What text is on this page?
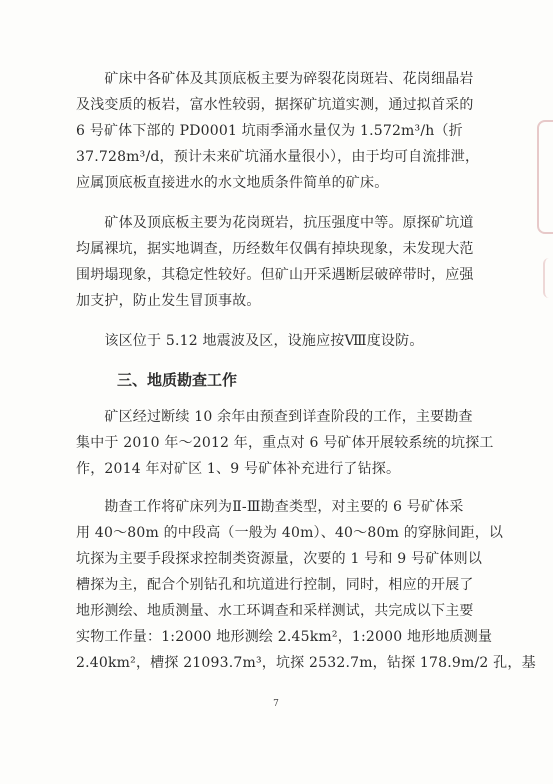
　　矿床中各矿体及其顶底板主要为碎裂花岗斑岩、花岗细晶岩
及浅变质的板岩，富水性较弱，据探矿坑道实测，通过拟首采的
6 号矿体下部的 PD0001 坑雨季涌水量仅为 1.572m³/h（折
37.728m³/d，预计未来矿坑涌水量很小），由于均可自流排泄，
应属顶底板直接进水的水文地质条件简单的矿床。

　　矿体及顶底板主要为花岗斑岩，抗压强度中等。原探矿坑道
均属裸坑，据实地调查，历经数年仅偶有掉块现象，未发现大范
围坍塌现象，其稳定性较好。但矿山开采遇断层破碎带时，应强
加支护，防止发生冒顶事故。

　　该区位于 5.12 地震波及区，设施应按Ⅷ度设防。

　三、地质勘查工作

　　矿区经过断续 10 余年由预查到详查阶段的工作，主要勘查
集中于 2010 年～2012 年，重点对 6 号矿体开展较系统的坑探工
作，2014 年对矿区 1、9 号矿体补充进行了钻探。

　　勘查工作将矿床列为Ⅱ-Ⅲ勘查类型，对主要的 6 号矿体采
用 40～80m 的中段高（一般为 40m）、40～80m 的穿脉间距，以
坑探为主要手段探求控制类资源量，次要的 1 号和 9 号矿体则以
槽探为主，配合个别钻孔和坑道进行控制，同时，相应的开展了
地形测绘、地质测量、水工环调查和采样测试，共完成以下主要
实物工作量：1:2000 地形测绘 2.45km²，1:2000 地形地质测量
2.40km²，槽探 21093.7m³，坑探 2532.7m，钻探 178.9m/2 孔，基

7
